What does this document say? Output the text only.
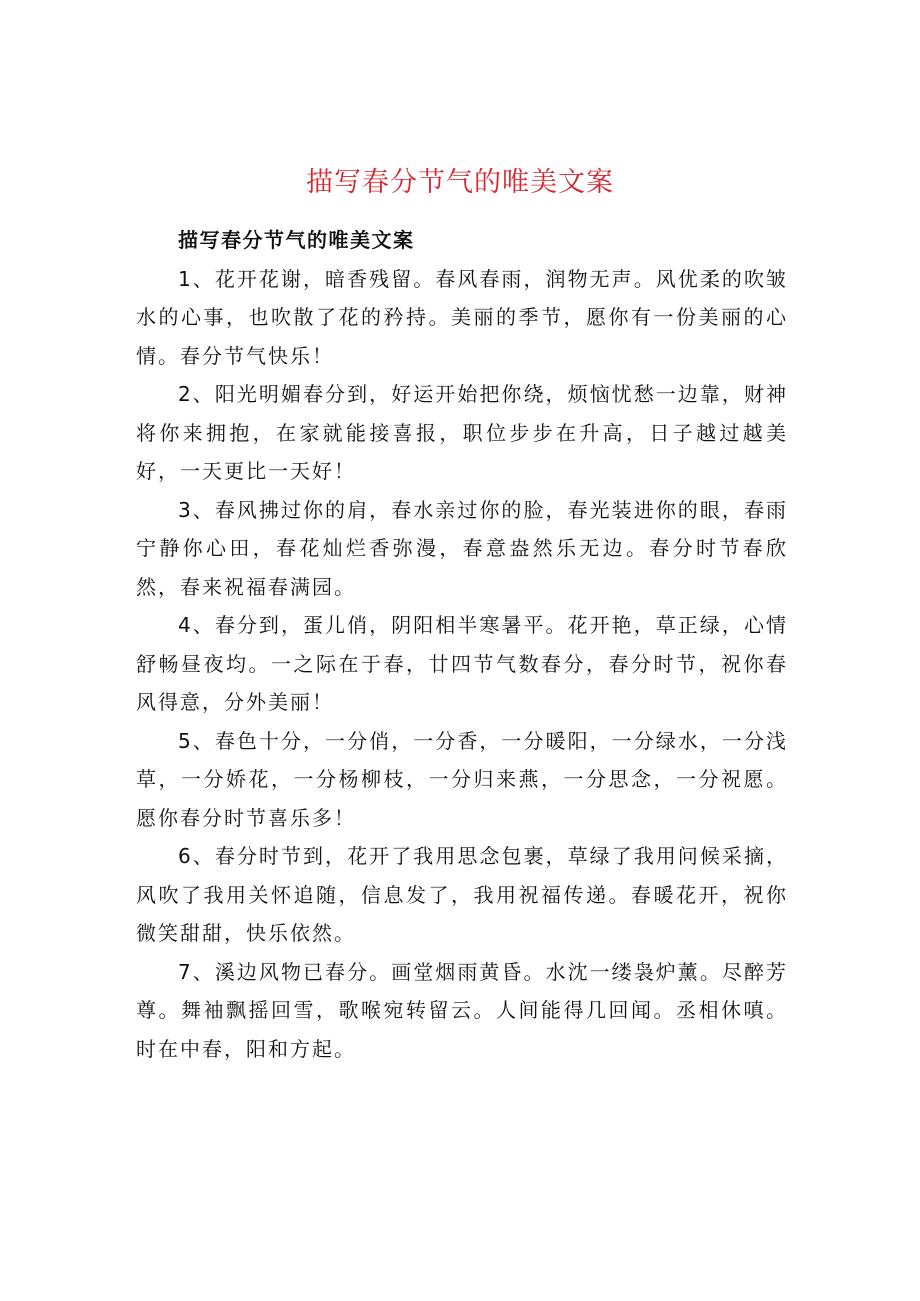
描写春分节气的唯美文案

描写春分节气的唯美文案

1、花开花谢，暗香残留。春风春雨，润物无声。风优柔的吹皱水的心事，也吹散了花的矜持。美丽的季节，愿你有一份美丽的心情。春分节气快乐！

2、阳光明媚春分到，好运开始把你绕，烦恼忧愁一边靠，财神将你来拥抱，在家就能接喜报，职位步步在升高，日子越过越美好，一天更比一天好！

3、春风拂过你的肩，春水亲过你的脸，春光装进你的眼，春雨宁静你心田，春花灿烂香弥漫，春意盎然乐无边。春分时节春欣然，春来祝福春满园。

4、春分到，蛋儿俏，阴阳相半寒暑平。花开艳，草正绿，心情舒畅昼夜均。一之际在于春，廿四节气数春分，春分时节，祝你春风得意，分外美丽！

5、春色十分，一分俏，一分香，一分暖阳，一分绿水，一分浅草，一分娇花，一分杨柳枝，一分归来燕，一分思念，一分祝愿。愿你春分时节喜乐多！

6、春分时节到，花开了我用思念包裹，草绿了我用问候采摘，风吹了我用关怀追随，信息发了，我用祝福传递。春暖花开，祝你微笑甜甜，快乐依然。

7、溪边风物已春分。画堂烟雨黄昏。水沈一缕袅炉薰。尽醉芳尊。舞袖飘摇回雪，歌喉宛转留云。人间能得几回闻。丞相休嗔。时在中春，阳和方起。
